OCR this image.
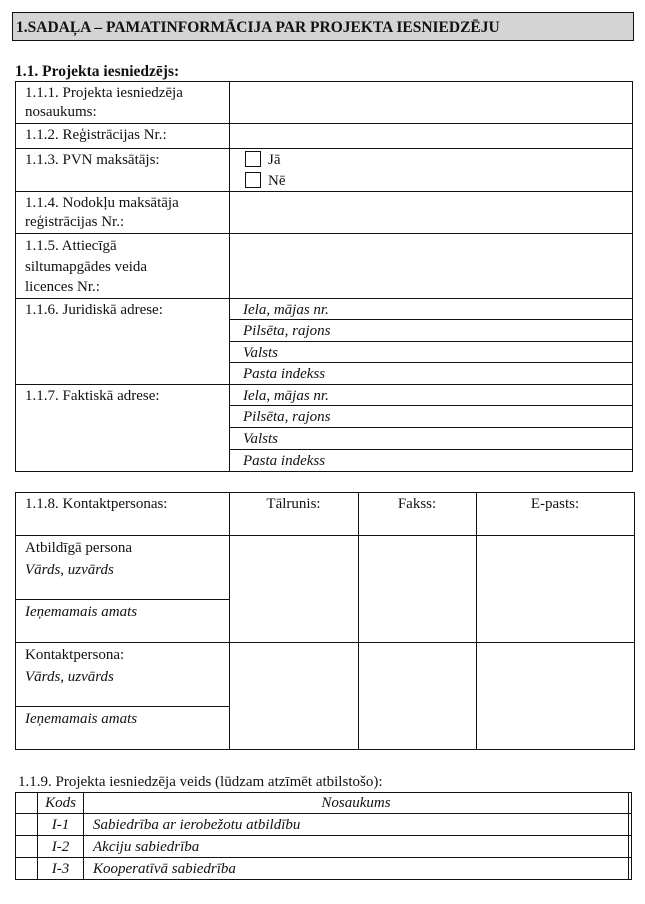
1.SADAĻA – PAMATINFORMĀCIJA PAR PROJEKTA IESNIEDZĒJU
1.1. Projekta iesniedzējs:
1.1.1. Projekta iesniedzēja
nosaukums:
1.1.2. Reģistrācijas Nr.:
1.1.3. PVN maksātājs:	Jā
Nē
1.1.4. Nodokļu maksātāja
reģistrācijas Nr.:
1.1.5. Attiecīgā
siltumapgādes veida
licences Nr.:
1.1.6. Juridiskā adrese:	Iela, mājas nr.
Pilsēta, rajons
Valsts
Pasta indekss
1.1.7. Faktiskā adrese:	Iela, mājas nr.
Pilsēta, rajons
Valsts
Pasta indekss
1.1.8. Kontaktpersonas:	Tālrunis:	Fakss:	E-pasts:
Atbildīgā persona
Vārds, uzvārds
Ieņemamais amats
Kontaktpersona:
Vārds, uzvārds
Ieņemamais amats
1.1.9. Projekta iesniedzēja veids (lūdzam atzīmēt atbilstošo):
Kods	Nosaukums
I-1	Sabiedrība ar ierobežotu atbildību
I-2	Akciju sabiedrība
I-3	Kooperatīvā sabiedrība
